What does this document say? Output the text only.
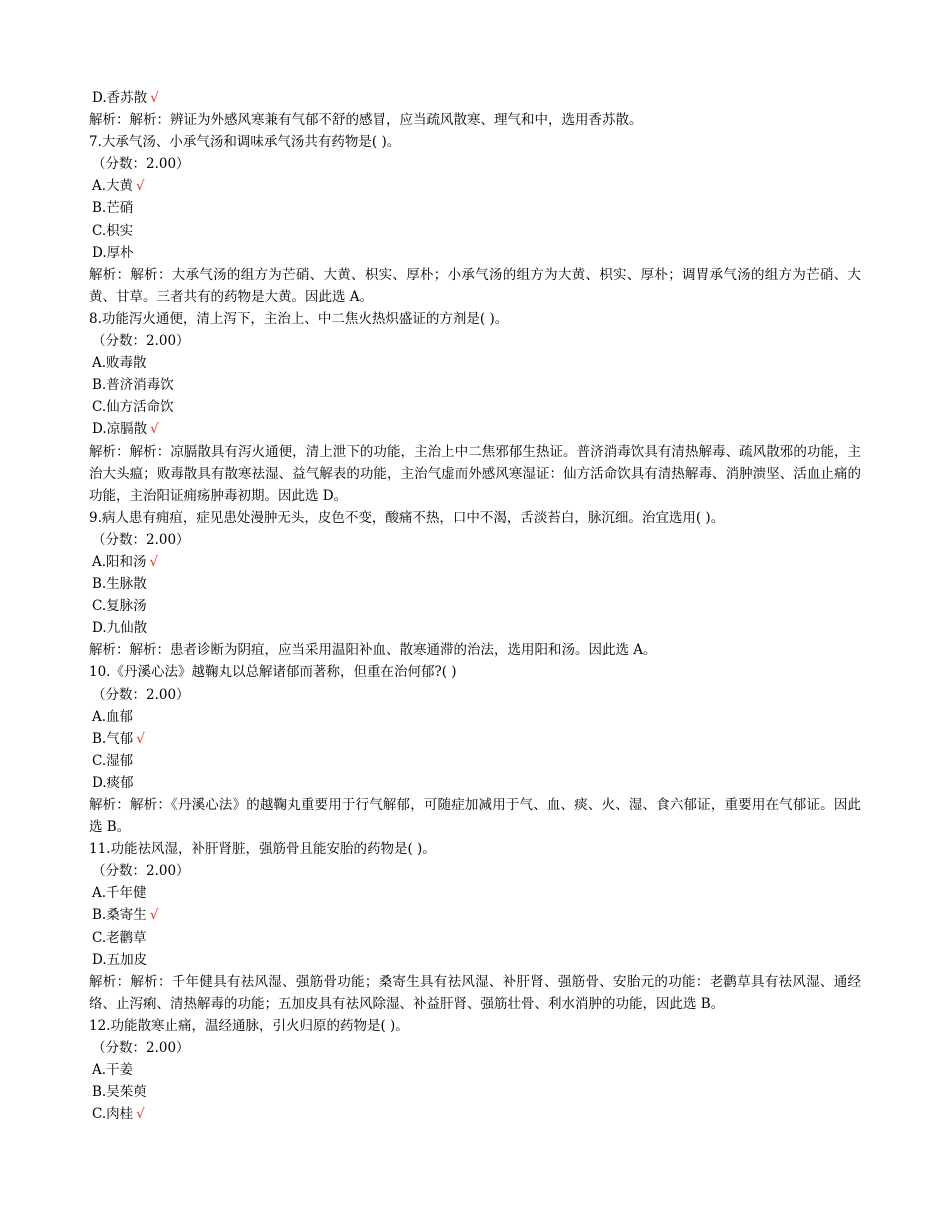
D.香苏散 √
解析：解析：辨证为外感风寒兼有气郁不舒的感冒，应当疏风散寒、理气和中，选用香苏散。
7.大承气汤、小承气汤和调味承气汤共有药物是( )。
（分数：2.00）
A.大黄 √
B.芒硝
C.枳实
D.厚朴
解析：解析：大承气汤的组方为芒硝、大黄、枳实、厚朴；小承气汤的组方为大黄、枳实、厚朴；调胃承气汤的组方为芒硝、大黄、甘草。三者共有的药物是大黄。因此选 A。
8.功能泻火通便，清上泻下，主治上、中二焦火热炽盛证的方剂是( )。
（分数：2.00）
A.败毒散
B.普济消毒饮
C.仙方活命饮
D.凉膈散 √
解析：解析：凉膈散具有泻火通便，清上泄下的功能，主治上中二焦邪郁生热证。普济消毒饮具有清热解毒、疏风散邪的功能，主治大头瘟；败毒散具有散寒祛湿、益气解表的功能，主治气虚而外感风寒湿证：仙方活命饮具有清热解毒、消肿溃坚、活血止痛的功能，主治阳证痈疡肿毒初期。因此选 D。
9.病人患有痈疽，症见患处漫肿无头，皮色不变，酸痛不热，口中不渴，舌淡苔白，脉沉细。治宜选用( )。
（分数：2.00）
A.阳和汤 √
B.生脉散
C.复脉汤
D.九仙散
解析：解析：患者诊断为阴疽，应当采用温阳补血、散寒通滞的治法，选用阳和汤。因此选 A。
10.《丹溪心法》越鞠丸以总解诸郁而著称，但重在治何郁?( )
（分数：2.00）
A.血郁
B.气郁 √
C.湿郁
D.痰郁
解析：解析：《丹溪心法》的越鞠丸重要用于行气解郁，可随症加减用于气、血、痰、火、湿、食六郁证，重要用在气郁证。因此选 B。
11.功能祛风湿，补肝肾脏，强筋骨且能安胎的药物是( )。
（分数：2.00）
A.千年健
B.桑寄生 √
C.老鹳草
D.五加皮
解析：解析：千年健具有祛风湿、强筋骨功能；桑寄生具有祛风湿、补肝肾、强筋骨、安胎元的功能：老鹳草具有祛风湿、通经络、止泻痢、清热解毒的功能；五加皮具有祛风除湿、补益肝肾、强筋壮骨、利水消肿的功能，因此选 B。
12.功能散寒止痛，温经通脉，引火归原的药物是( )。
（分数：2.00）
A.干姜
B.吴茱萸
C.肉桂 √
